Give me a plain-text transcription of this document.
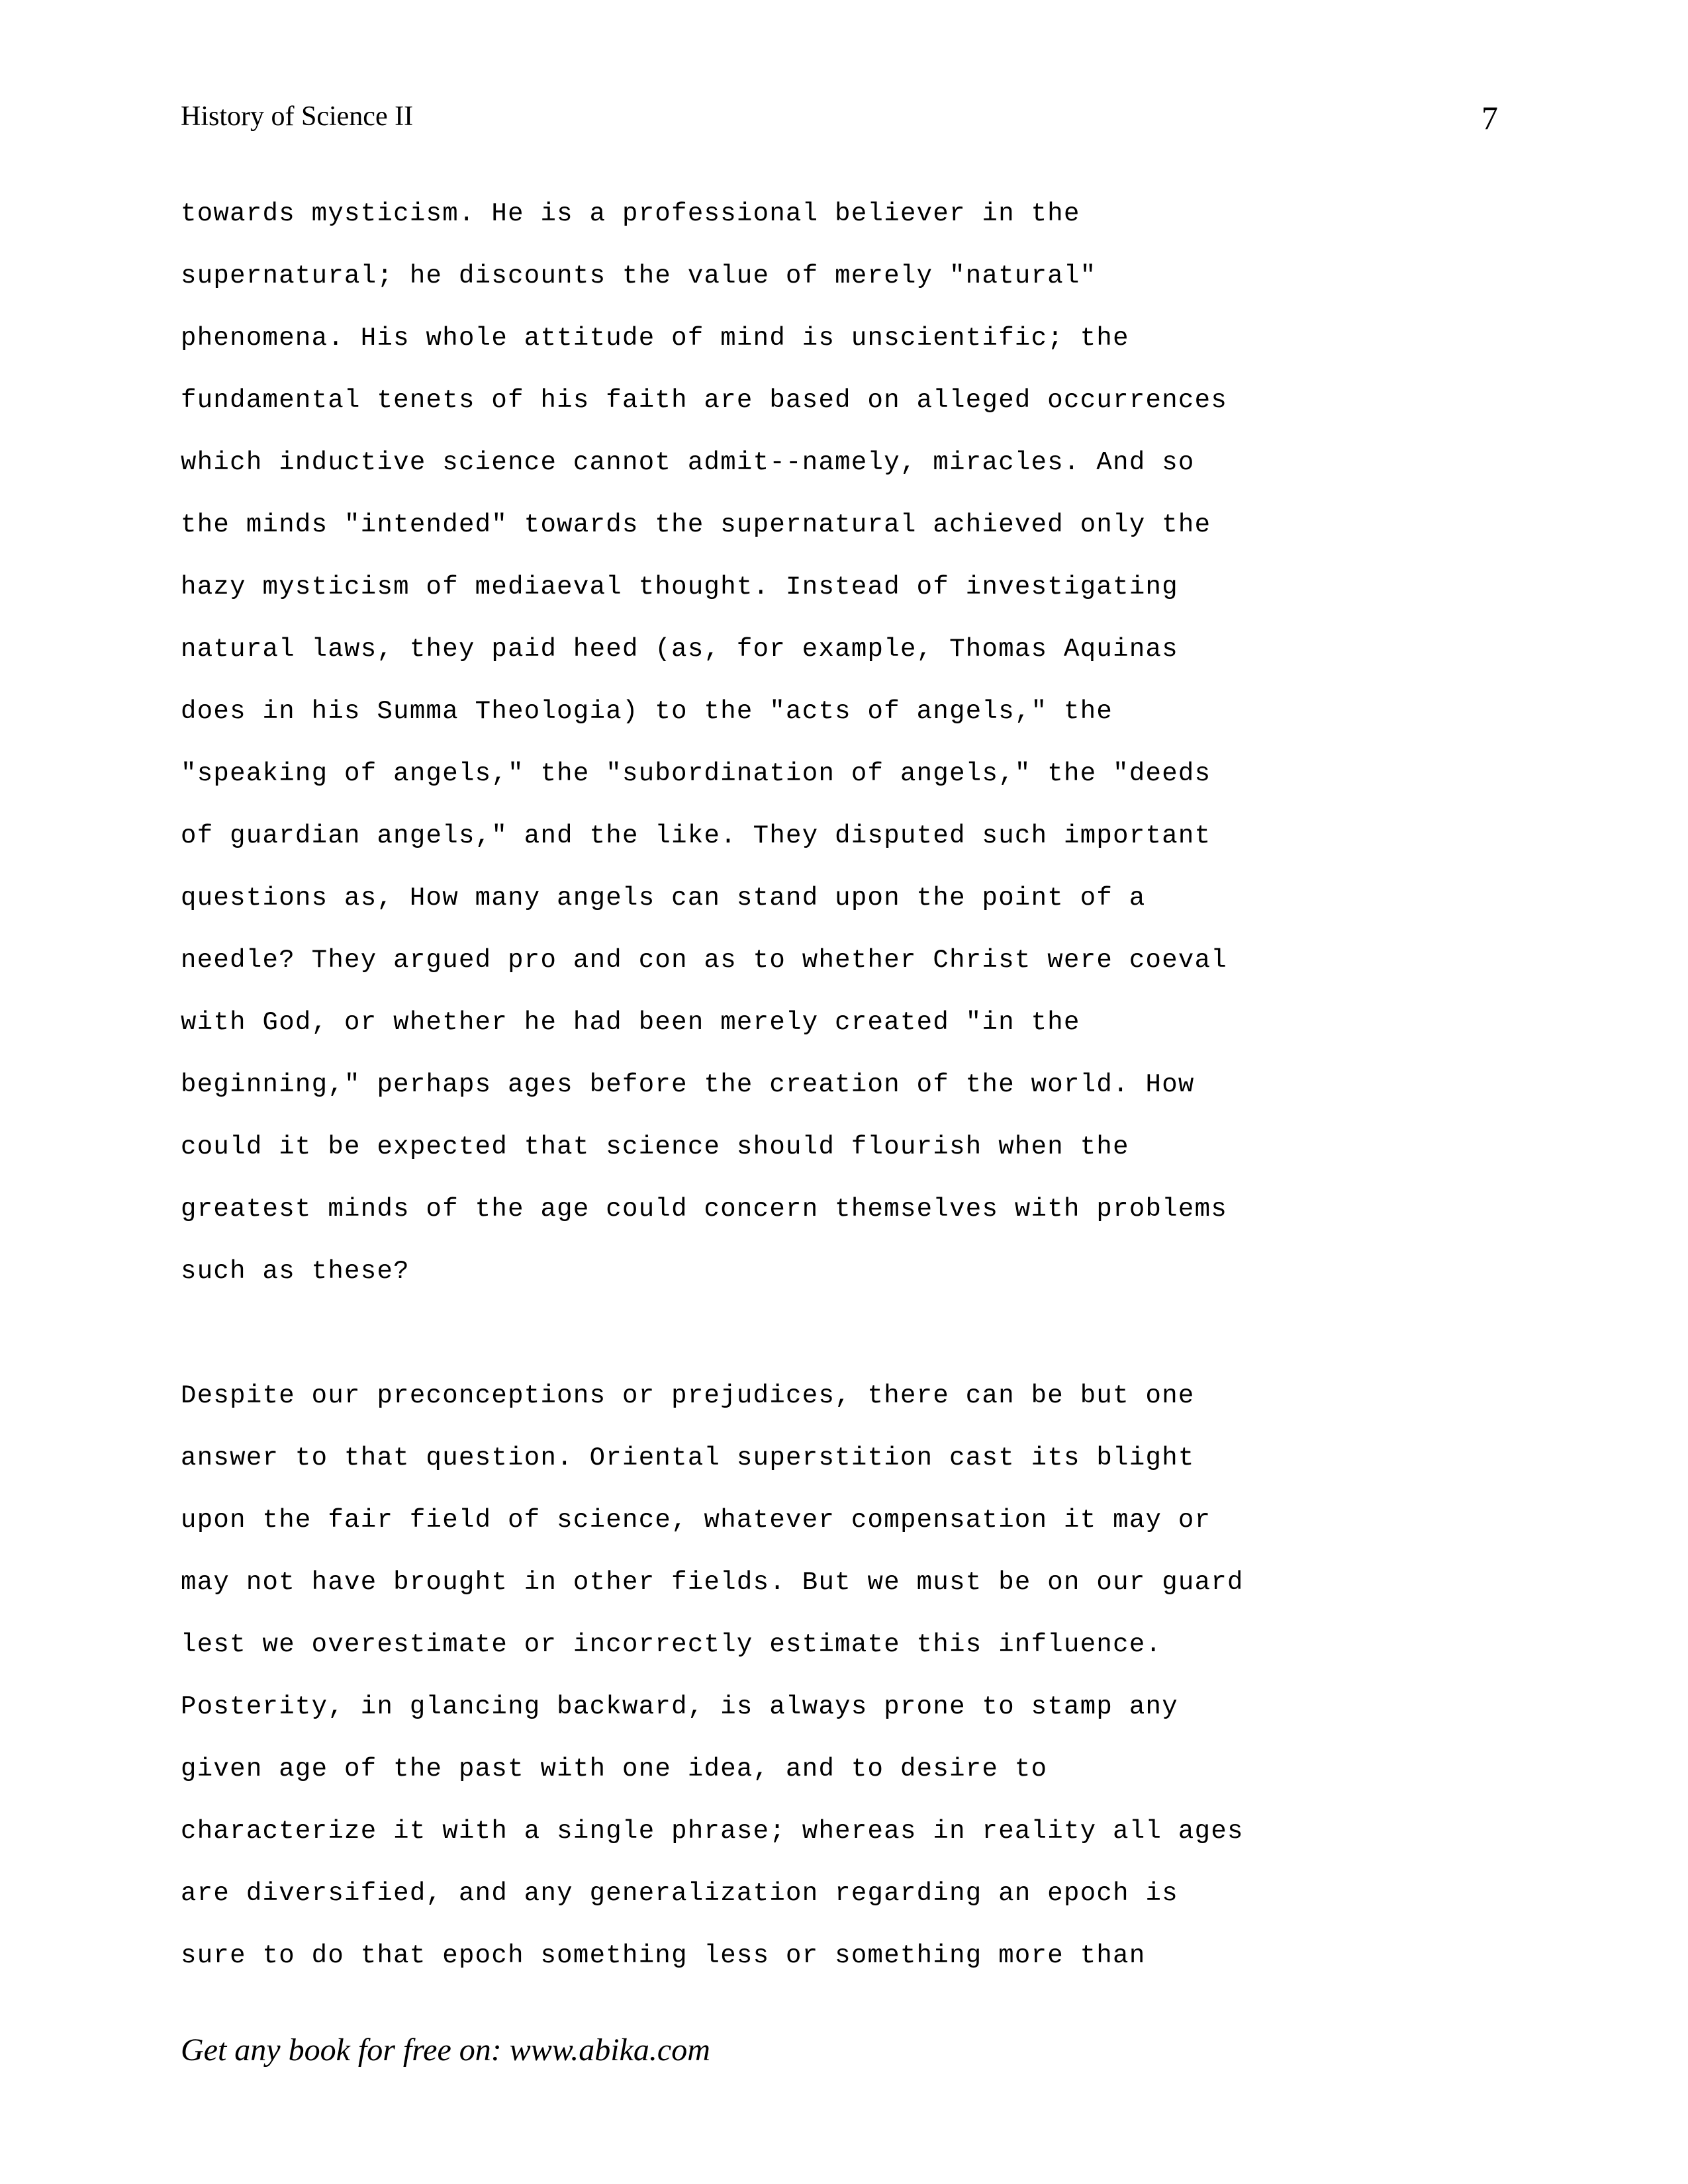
History of Science II	7
towards mysticism. He is a professional believer in the
supernatural; he discounts the value of merely "natural"
phenomena. His whole attitude of mind is unscientific; the
fundamental tenets of his faith are based on alleged occurrences
which inductive science cannot admit--namely, miracles. And so
the minds "intended" towards the supernatural achieved only the
hazy mysticism of mediaeval thought. Instead of investigating
natural laws, they paid heed (as, for example, Thomas Aquinas
does in his Summa Theologia) to the "acts of angels," the
"speaking of angels," the "subordination of angels," the "deeds
of guardian angels," and the like. They disputed such important
questions as, How many angels can stand upon the point of a
needle? They argued pro and con as to whether Christ were coeval
with God, or whether he had been merely created "in the
beginning," perhaps ages before the creation of the world. How
could it be expected that science should flourish when the
greatest minds of the age could concern themselves with problems
such as these?
Despite our preconceptions or prejudices, there can be but one
answer to that question. Oriental superstition cast its blight
upon the fair field of science, whatever compensation it may or
may not have brought in other fields. But we must be on our guard
lest we overestimate or incorrectly estimate this influence.
Posterity, in glancing backward, is always prone to stamp any
given age of the past with one idea, and to desire to
characterize it with a single phrase; whereas in reality all ages
are diversified, and any generalization regarding an epoch is
sure to do that epoch something less or something more than
Get any book for free on: www.abika.com
